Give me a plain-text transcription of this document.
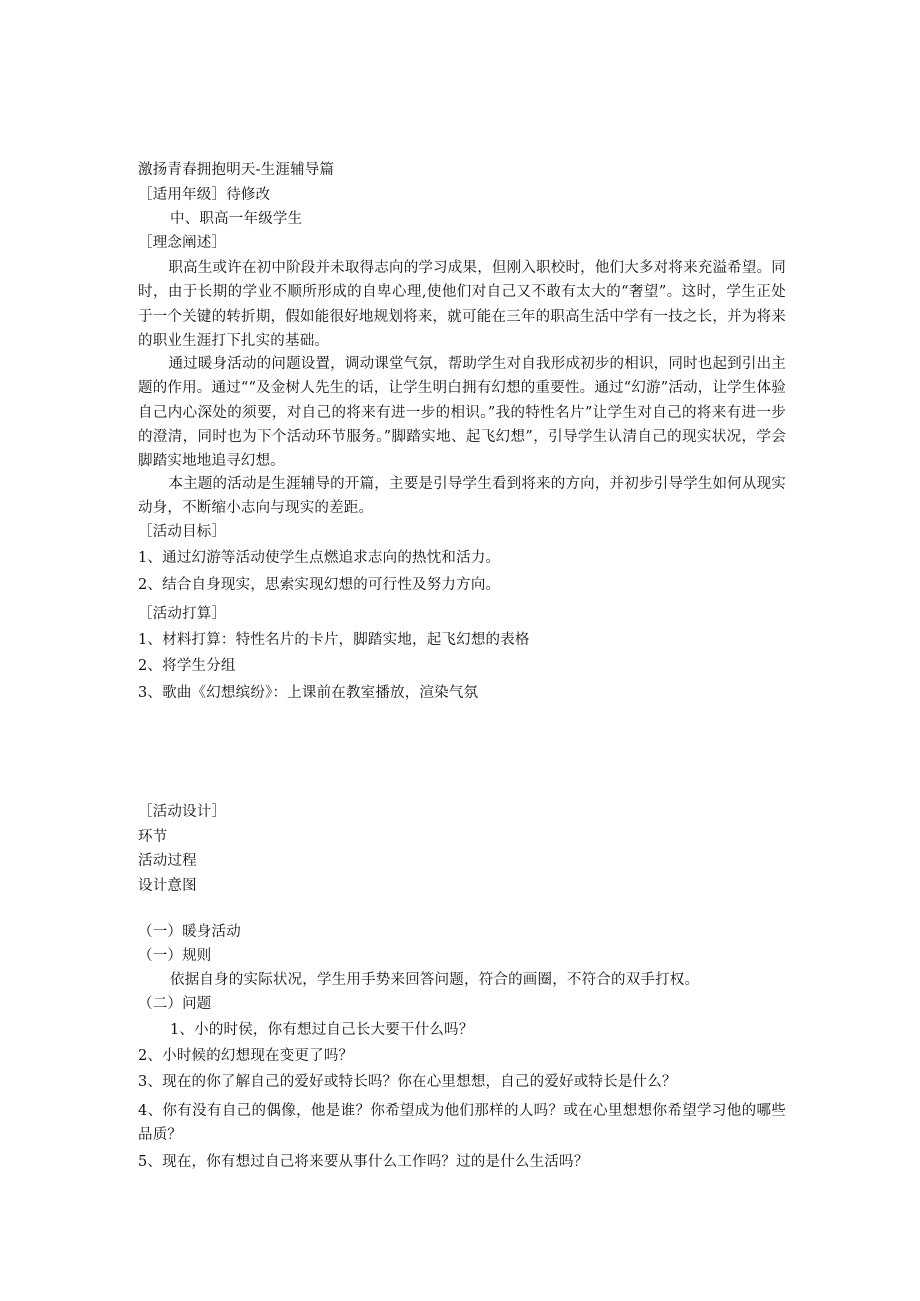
激扬青春拥抱明天-生涯辅导篇
［适用年级］待修改
中、职高一年级学生
［理念阐述］
职高生或许在初中阶段并未取得志向的学习成果，但刚入职校时，他们大多对将来充溢希望。同时，由于长期的学业不顺所形成的自卑心理,使他们对自己又不敢有太大的“奢望”。这时，学生正处于一个关键的转折期，假如能很好地规划将来，就可能在三年的职高生活中学有一技之长，并为将来的职业生涯打下扎实的基础。
通过暖身活动的问题设置，调动课堂气氛，帮助学生对自我形成初步的相识，同时也起到引出主题的作用。通过““及金树人先生的话，让学生明白拥有幻想的重要性。通过“幻游”活动，让学生体验自己内心深处的须要，对自己的将来有进一步的相识。”我的特性名片”让学生对自己的将来有进一步的澄清，同时也为下个活动环节服务。”脚踏实地、起飞幻想”，引导学生认清自己的现实状况，学会脚踏实地地追寻幻想。
本主题的活动是生涯辅导的开篇，主要是引导学生看到将来的方向，并初步引导学生如何从现实动身，不断缩小志向与现实的差距。
［活动目标］
1、通过幻游等活动使学生点燃追求志向的热忱和活力。
2、结合自身现实，思索实现幻想的可行性及努力方向。
［活动打算］
1、材料打算：特性名片的卡片，脚踏实地，起飞幻想的表格
2、将学生分组
3、歌曲《幻想缤纷》：上课前在教室播放，渲染气氛
［活动设计］
环节
活动过程
设计意图
（一）暖身活动
（一）规则
依据自身的实际状况，学生用手势来回答问题，符合的画圈，不符合的双手打权。
（二）问题
1、小的时侯，你有想过自己长大要干什么吗？
2、小时候的幻想现在变更了吗？
3、现在的你了解自己的爱好或特长吗？你在心里想想，自己的爱好或特长是什么？
4、你有没有自己的偶像，他是谁？你希望成为他们那样的人吗？或在心里想想你希望学习他的哪些品质？
5、现在，你有想过自己将来要从事什么工作吗？过的是什么生活吗？
